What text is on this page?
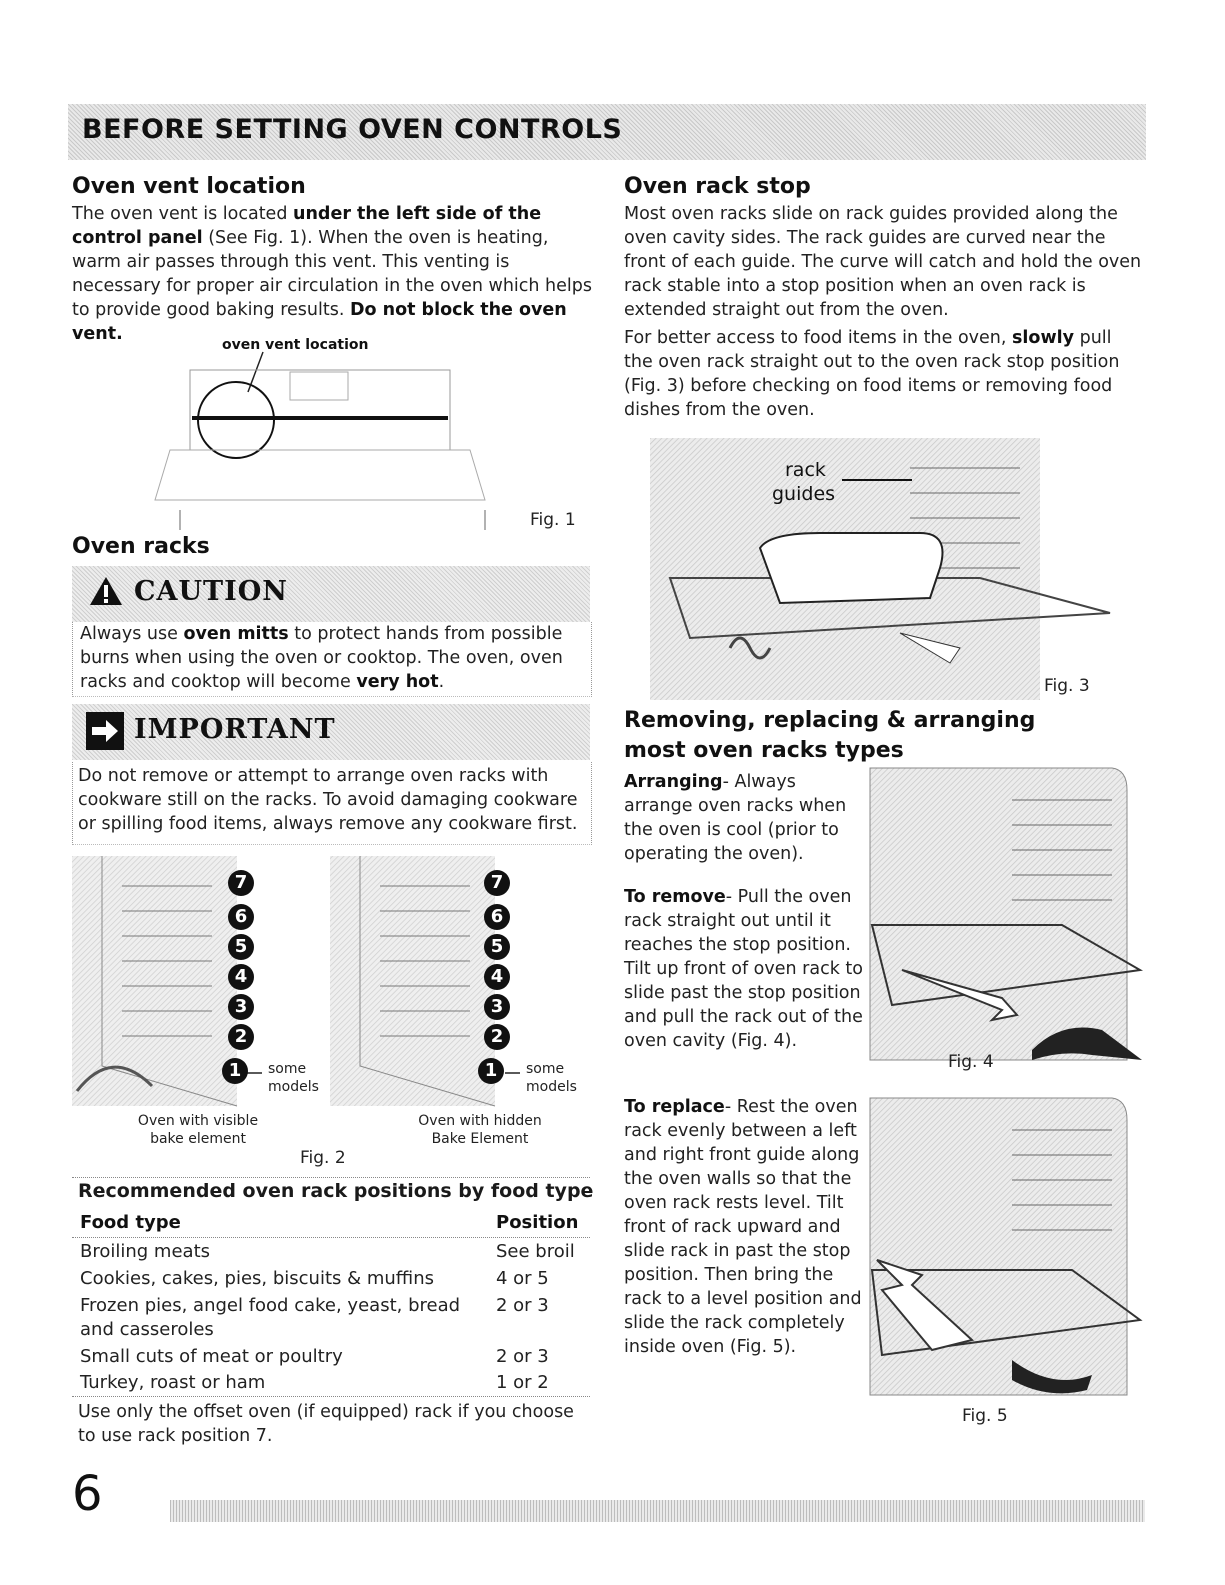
BEFORE SETTING OVEN CONTROLS
Oven vent location

The oven vent is located under the left side of the control panel (See Fig. 1). When the oven is heating, warm air passes through this vent. This venting is necessary for proper air circulation in the oven which helps to provide good baking results. Do not block the oven vent.

oven vent location
Fig. 1
Oven racks
CAUTION

Always use oven mitts to protect hands from possible burns when using the oven or cooktop. The oven, oven racks and cooktop will become very hot.

IMPORTANT
Do not remove or attempt to arrange oven racks with cookware still on the racks. To avoid damaging cookware or spilling food items, always remove any cookware first.
7
6
5
4
3
2
1
7
6
5
4
3
2
1
some
models
some
models
Oven with visible
bake element
Oven with hidden
Bake Element
Fig. 2
Recommended oven rack positions by food type
Food type	Position
Broiling meats	See broil
Cookies, cakes, pies, biscuits & muffins	4 or 5
Frozen pies, angel food cake, yeast, bread 2 or 3
and casseroles
Small cuts of meat or poultry	2 or 3
Turkey, roast or ham	1 or 2
Use only the offset oven (if equipped) rack if you choose to use rack position 7.
Oven rack stop
Most oven racks slide on rack guides provided along the oven cavity sides. The rack guides are curved near the front of each guide. The curve will catch and hold the oven rack stable into a stop position when an oven rack is extended straight out from the oven.

For better access to food items in the oven, slowly pull the oven rack straight out to the oven rack stop position (Fig. 3) before checking on food items or removing food dishes from the oven.

rack
guides
Fig. 3
Removing, replacing & arranging most oven racks types

Arranging- Always arrange oven racks when the oven is cool (prior to operating the oven).

To remove- Pull the oven rack straight out until it reaches the stop position. Tilt up front of oven rack to slide past the stop position and pull the rack out of the oven cavity (Fig. 4).

To replace- Rest the oven rack evenly between a left and right front guide along the oven walls so that the oven rack rests level. Tilt front of rack upward and slide rack in past the stop position. Then bring the rack to a level position and slide the rack completely inside oven (Fig. 5).

Fig. 4
Fig. 5
6
